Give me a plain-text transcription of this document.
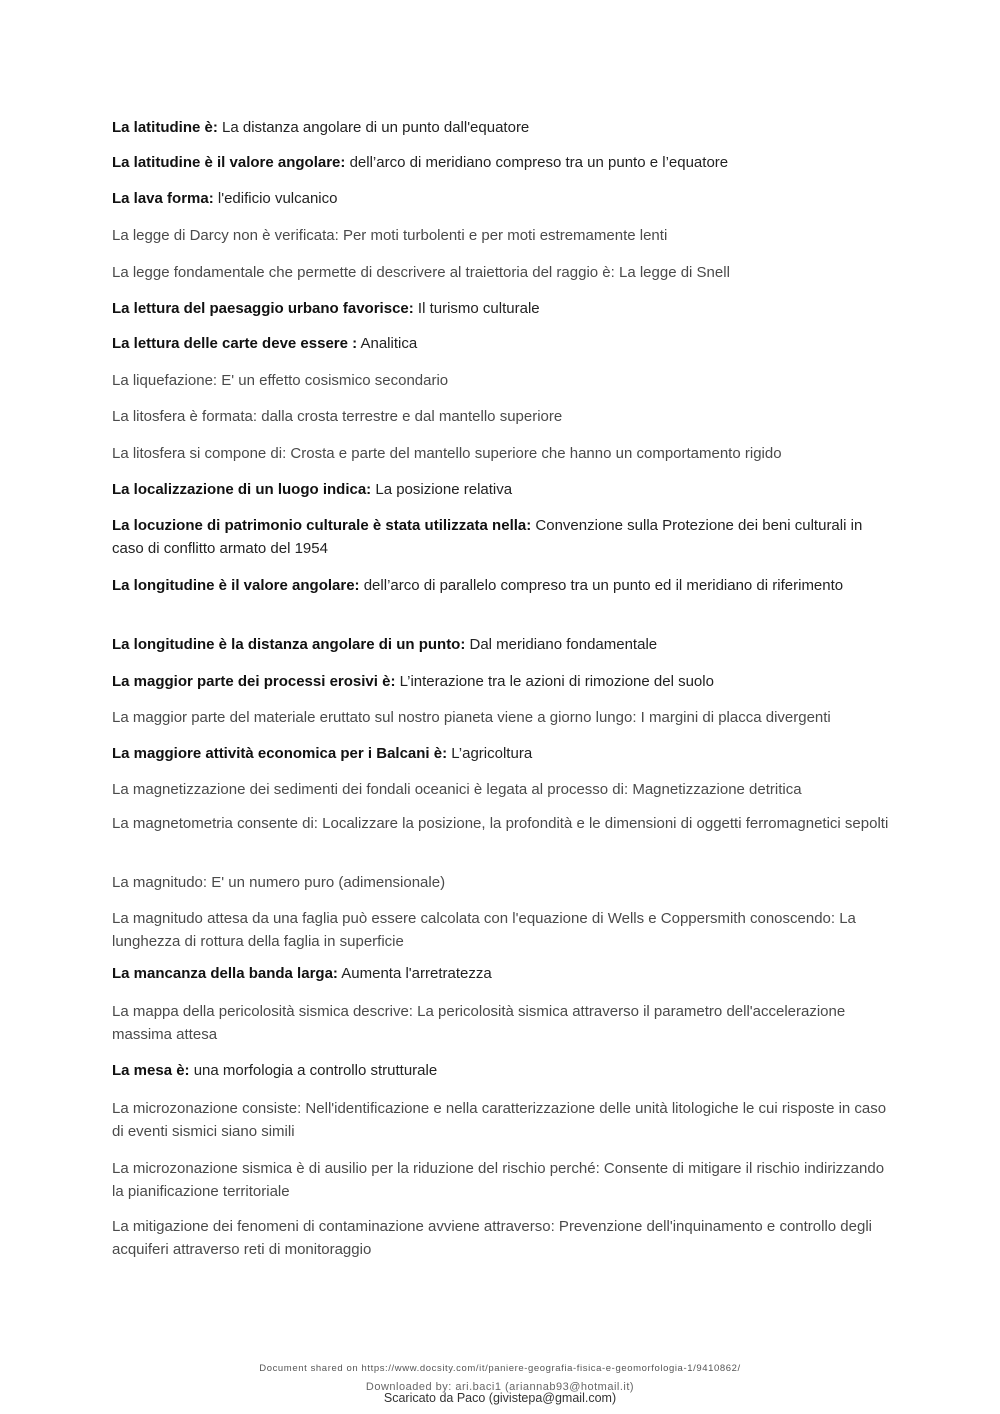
La latitudine è: La distanza angolare di un punto dall'equatore
La latitudine è il valore angolare: dell’arco di meridiano compreso tra un punto e l’equatore
La lava forma: l'edificio vulcanico
La legge di Darcy non è verificata: Per moti turbolenti e per moti estremamente lenti
La legge fondamentale che permette di descrivere al traiettoria del raggio è: La legge di Snell
La lettura del paesaggio urbano favorisce: Il turismo culturale
La lettura delle carte deve essere : Analitica
La liquefazione: E' un effetto cosismico secondario
La litosfera è formata: dalla crosta terrestre e dal mantello superiore
La litosfera si compone di: Crosta e parte del mantello superiore che hanno un comportamento rigido
La localizzazione di un luogo indica: La posizione relativa
La locuzione di patrimonio culturale è stata utilizzata nella: Convenzione sulla Protezione dei beni culturali in caso di conflitto armato del 1954
La longitudine è il valore angolare: dell’arco di parallelo compreso tra un punto ed il meridiano di riferimento
La longitudine è la distanza angolare di un punto: Dal meridiano fondamentale
La maggior parte dei processi erosivi è: L’interazione tra le azioni di rimozione del suolo
La maggior parte del materiale eruttato sul nostro pianeta viene a giorno lungo: I margini di placca divergenti
La maggiore attività economica per i Balcani è: L’agricoltura
La magnetizzazione dei sedimenti dei fondali oceanici è legata al processo di: Magnetizzazione detritica
La magnetometria consente di: Localizzare la posizione, la profondità e le dimensioni di oggetti ferromagnetici sepolti
La magnitudo: E' un numero puro (adimensionale)
La magnitudo attesa da una faglia può essere calcolata con l'equazione di Wells e Coppersmith conoscendo: La lunghezza di rottura della faglia in superficie
La mancanza della banda larga: Aumenta l'arretratezza
La mappa della pericolosità sismica descrive: La pericolosità sismica attraverso il parametro dell'accelerazione massima attesa
La mesa è: una morfologia a controllo strutturale
La microzonazione consiste: Nell'identificazione e nella caratterizzazione delle unità litologiche le cui risposte in caso di eventi sismici siano simili
La microzonazione sismica è di ausilio per la riduzione del rischio perché: Consente di mitigare il rischio indirizzando la pianificazione territoriale
La mitigazione dei fenomeni di contaminazione avviene attraverso: Prevenzione dell'inquinamento e controllo degli acquiferi attraverso reti di monitoraggio
Document shared on https://www.docsity.com/it/paniere-geografia-fisica-e-geomorfologia-1/9410862/
Downloaded by: ari.baci1 (ariannab93@hotmail.it)
Scaricato da Paco (givistepa@gmail.com)
